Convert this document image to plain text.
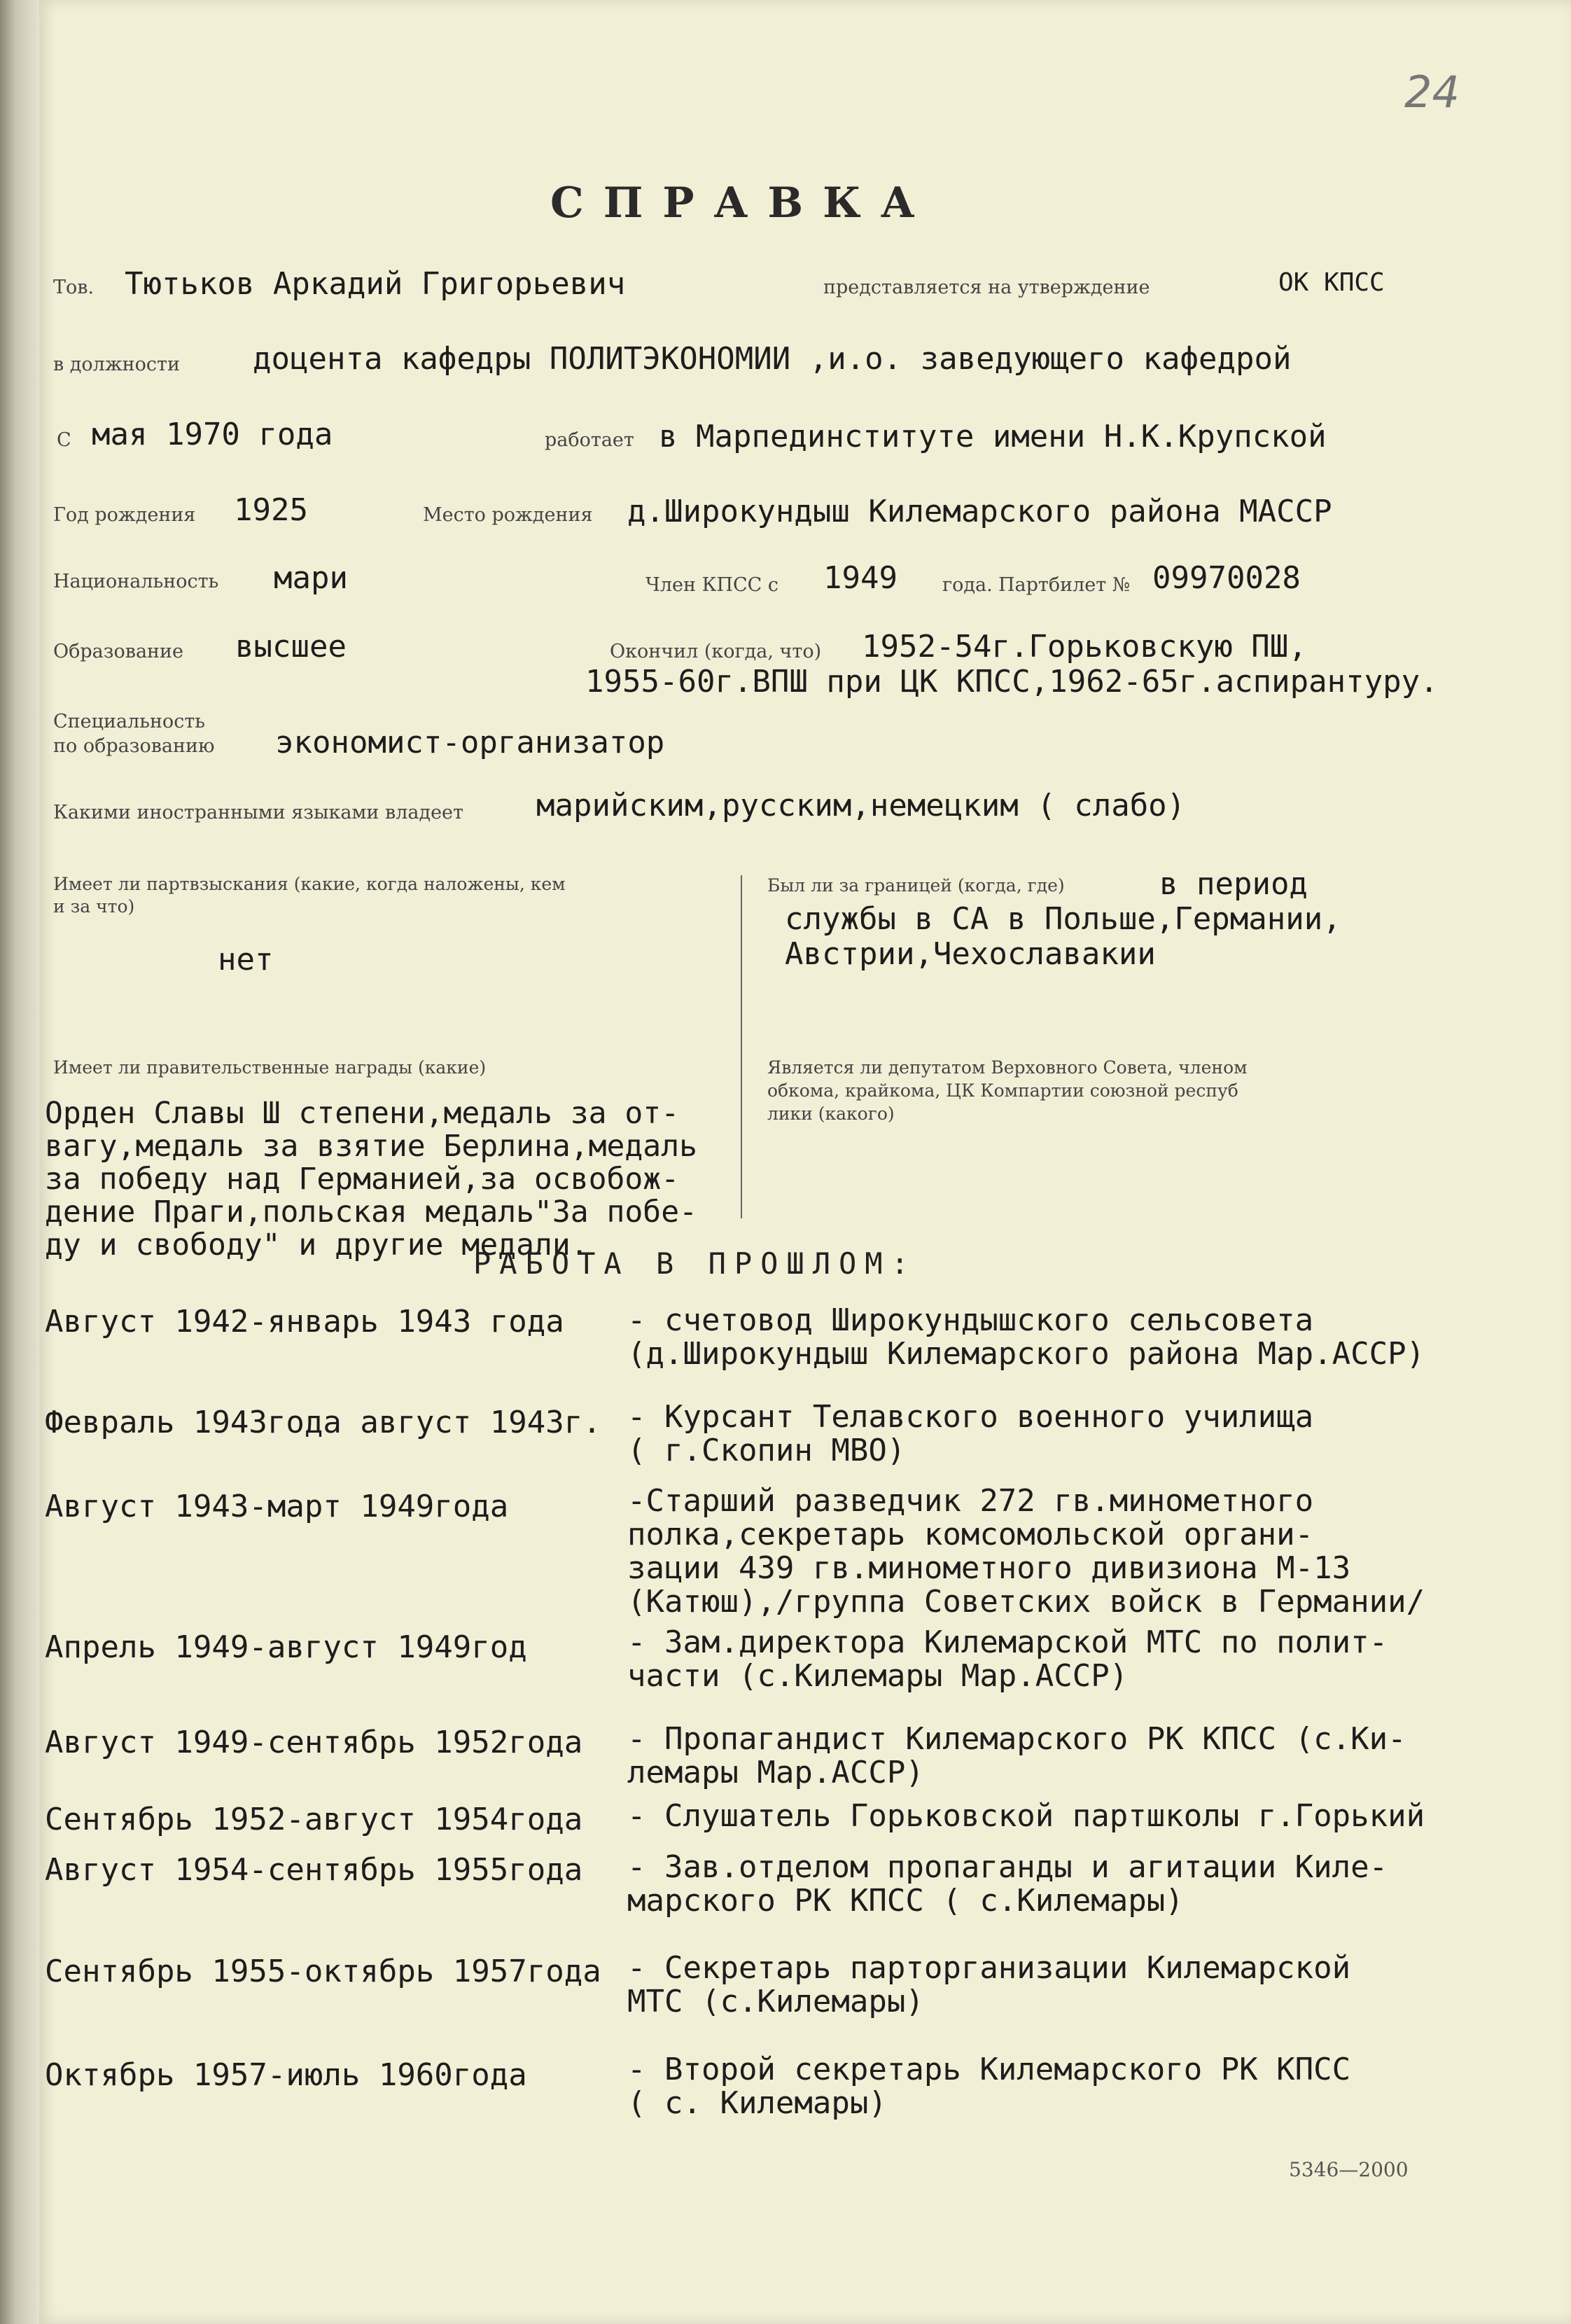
24
СПРАВКА
Тов. Тютьков Аркадий Григорьевич	представляется на утверждение	ОК КПСС
в должности доцента кафедры ПОЛИТЭКОНОМИИ ,и.о. заведующего кафедрой
С мая 1970 года	работает в Марпединституте имени Н.К.Крупской
Год рождения 1925	Место рождения д.Широкундыш Килемарского района МАССР
Национальность мари	Член КПСС с 1949 года. Партбилет № 09970028
Образование высшее	Окончил (когда, что) 1952-54г.Горьковскую ПШ,
1955-60г.ВПШ при ЦК КПСС,1962-65г.аспирантуру.
Специальность
по образованию экономист-организатор
Какими иностранными языками владеет марийским,русским,немецким ( слабо)
Имеет ли партвзыскания (какие, когда наложены, кем
и за что)
нет
Был ли за границей (когда, где)	в период
службы в СА в Польше,Германии,
Австрии,Чехославакии
Имеет ли правительственные награды (какие)	Является ли депутатом Верховного Совета, членом
обкома, крайкома, ЦК Компартии союзной респуб
лики (какого)
Орден Славы Ш степени,медаль за от-
вагу,медаль за взятие Берлина,медаль
за победу над Германией,за освобож-
дение Праги,польская медаль"За побе-
ду и свободу" и другие медали.
РАБОТА В ПРОШЛОМ:
Август 1942-январь 1943 года - счетовод Широкундышского сельсовета
(д.Широкундыш Килемарского района Мар.АССР)
Февраль 1943года август 1943г. - Курсант Телавского военного училища
( г.Скопин МВО)
Август 1943-март 1949года	-Старший разведчик 272 гв.минометного
полка,секретарь комсомольской органи-
зации 439 гв.минометного дивизиона М-13
(Катюш),/группа Советских войск в Германии/
Апрель 1949-август 1949год	- Зам.директора Килемарской МТС по полит-
части (с.Килемары Мар.АССР)
Август 1949-сентябрь 1952года - Пропагандист Килемарского РК КПСС (с.Ки-
лемары Мар.АССР)
Сентябрь 1952-август 1954года - Слушатель Горьковской партшколы г.Горький
Август 1954-сентябрь 1955года - Зав.отделом пропаганды и агитации Киле-
марского РК КПСС ( с.Килемары)
Сентябрь 1955-октябрь 1957года - Секретарь парторганизации Килемарской
МТС (с.Килемары)
Октябрь 1957-июль 1960года	- Второй секретарь Килемарского РК КПСС
( с. Килемары)
5346—2000
